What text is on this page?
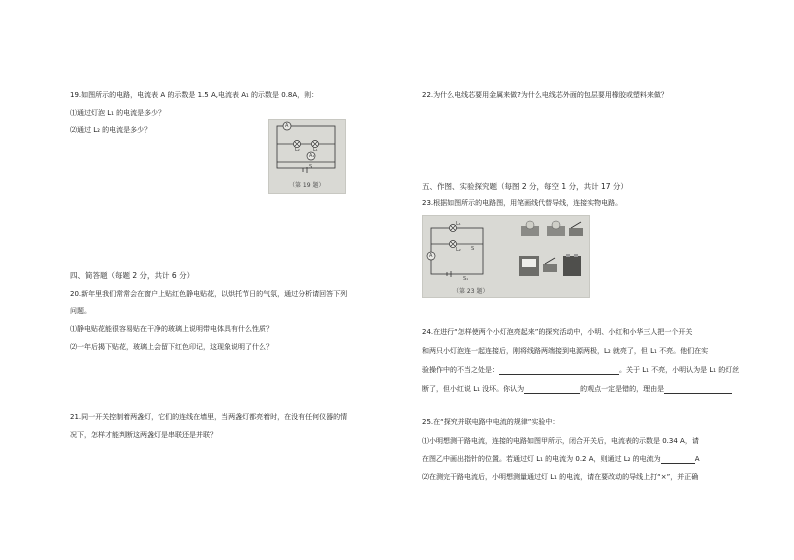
19.如图所示的电路，电流表 A 的示数是 1.5 A,电流表 A₁ 的示数是 0.8A，则：
⑴通过灯泡 L₁ 的电流是多少？
⑵通过 L₂ 的电流是多少？	A
A₁
L₁
L₂
S
（第 19 题）
四、简答题（每题 2 分，共计 6 分）
20.新年里我们常常会在窗户上贴红色静电贴花，以烘托节日的气氛，通过分析请回答下列
问题。
⑴静电贴花能很容易贴在干净的玻璃上说明带电体具有什么性质？
⑵一年后揭下贴花，玻璃上会留下红色印记，这现象说明了什么？
21.同一开关控制着两盏灯，它们的连线在墙里，当两盏灯都亮着时，在没有任何仪器的情
况下，怎样才能判断这两盏灯是串联还是并联？
22.为什么电线芯要用金属来做?为什么电线芯外面的包层要用橡胶或塑料来做？
五、作图、实验探究题（每图 2 分，每空 1 分，共计 17 分）
23.根据如图所示的电路图，用笔画线代替导线，连接实物电路。
L₁
L₂
A
S
S₁
（第 23 题）
24.在进行“怎样使两个小灯泡亮起来”的探究活动中，小明、小红和小华三人把一个开关
和两只小灯泡连一起连接后，刚将线路两端接到电源两极，L₂ 就亮了，但 L₁ 不亮。他们在实
验操作中的不当之处是：	。关于 L₁ 不亮，小明认为是 L₁ 的灯丝
断了，但小红说 L₁ 没坏。你认为	的观点一定是错的，理由是
25.在“探究并联电路中电流的规律”实验中：
⑴小明想测干路电流，连接的电路如图甲所示，闭合开关后，电流表的示数是 0.34 A，请
在图乙中画出指针的位置。若通过灯 L₁ 的电流为 0.2 A，则通过 L₂ 的电流为	A
⑵在测完干路电流后，小明想测量通过灯 L₁ 的电流，请在要改动的导线上打“×”，并正确
